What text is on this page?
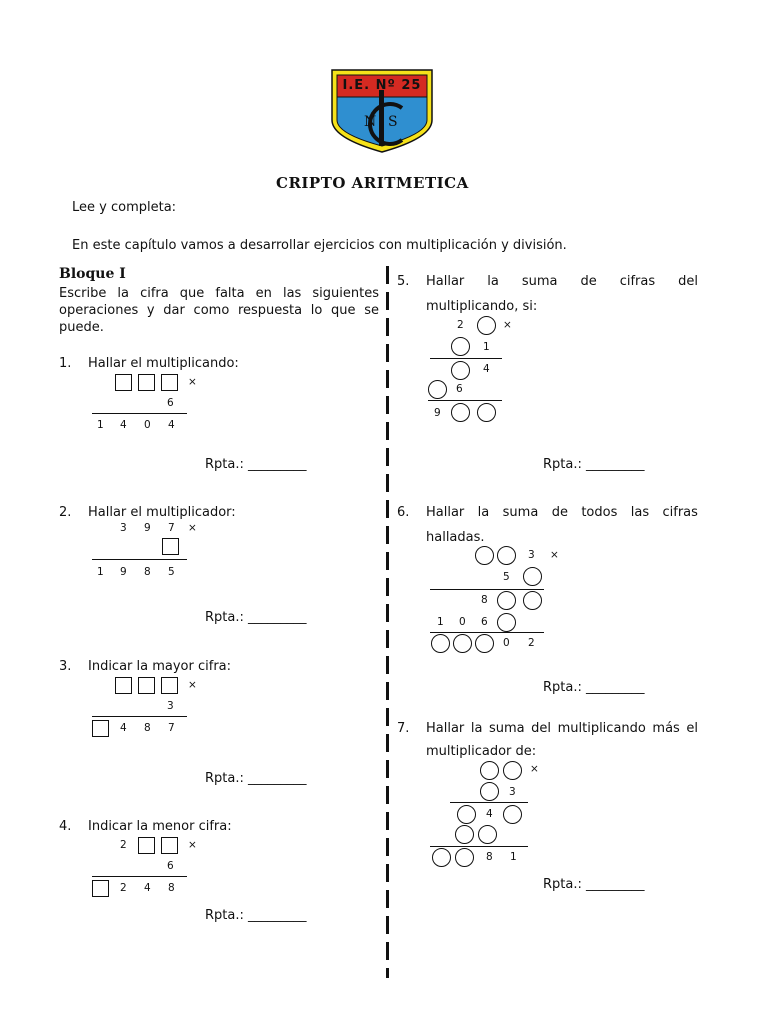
I.E. Nº 25
N S
CRIPTO ARITMETICA
Lee y completa:
En este capítulo vamos a desarrollar ejercicios con multiplicación y división.
Bloque I
Escribe la cifra que falta en las siguientes
operaciones y dar como respuesta lo que se
puede.
1. Hallar el multiplicando:
×
6
1 4 0 4
Rpta.: _________
2. Hallar el multiplicador:
3 9 7 ×
1 9 8 5
Rpta.: _________
3. Indicar la mayor cifra:
×
3
4 8 7
Rpta.: _________
4. Indicar la menor cifra:
2	×
6
2 4 8
Rpta.: _________
5. Hallar la suma de cifras del
multiplicando, si:
2	×
1
4
6
9
Rpta.: _________
6. Hallar la suma de todos las cifras
halladas.
3 ×
5
8
1 0 6
0 2
Rpta.: _________
7. Hallar la suma del multiplicando más el
multiplicador de:
×
3
4
8 1
Rpta.: _________
